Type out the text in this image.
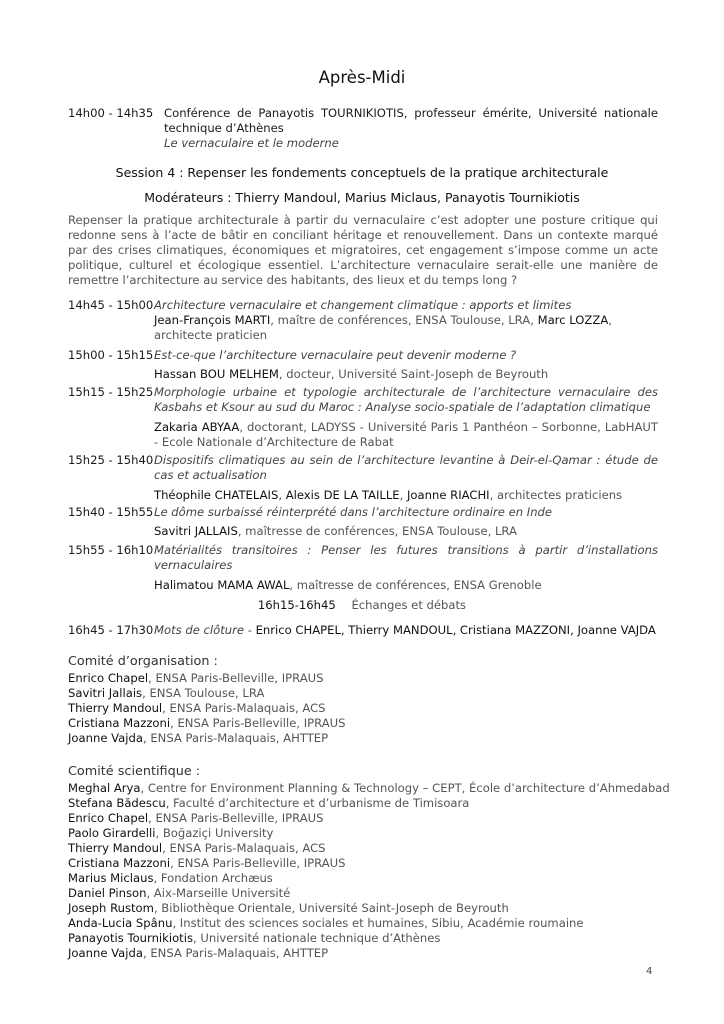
Après-Midi
14h00 - 14h35 Conférence de Panayotis TOURNIKIOTIS, professeur émérite, Université nationale technique d’Athènes
Le vernaculaire et le moderne
Session 4 : Repenser les fondements conceptuels de la pratique architecturale
Modérateurs : Thierry Mandoul, Marius Miclaus, Panayotis Tournikiotis
Repenser la pratique architecturale à partir du vernaculaire c’est adopter une posture critique qui redonne sens à l’acte de bâtir en conciliant héritage et renouvellement. Dans un contexte marqué par des crises climatiques, économiques et migratoires, cet engagement s’impose comme un acte politique, culturel et écologique essentiel. L’architecture vernaculaire serait-elle une manière de remettre l’architecture au service des habitants, des lieux et du temps long ?
14h45 - 15h00 Architecture vernaculaire et changement climatique : apports et limites
Jean-François MARTI, maître de conférences, ENSA Toulouse, LRA, Marc LOZZA, architecte praticien
15h00 - 15h15 Est-ce-que l’architecture vernaculaire peut devenir moderne ?
Hassan BOU MELHEM, docteur, Université Saint-Joseph de Beyrouth
15h15 - 15h25 Morphologie urbaine et typologie architecturale de l’architecture vernaculaire des Kasbahs et Ksour au sud du Maroc : Analyse socio-spatiale de l’adaptation climatique
Zakaria ABYAA, doctorant, LADYSS - Université Paris 1 Panthéon – Sorbonne, LabHAUT - Ecole Nationale d’Architecture de Rabat
15h25 - 15h40 Dispositifs climatiques au sein de l’architecture levantine à Deir-el-Qamar : étude de cas et actualisation
Théophile CHATELAIS, Alexis DE LA TAILLE, Joanne RIACHI, architectes praticiens
15h40 - 15h55 Le dôme surbaissé réinterprété dans l’architecture ordinaire en Inde
Savitri JALLAIS, maîtresse de conférences, ENSA Toulouse, LRA
15h55 - 16h10 Matérialités transitoires : Penser les futures transitions à partir d’installations vernaculaires
Halimatou MAMA AWAL, maîtresse de conférences, ENSA Grenoble
16h15-16h45 Échanges et débats
16h45 - 17h30 Mots de clôture - Enrico CHAPEL, Thierry MANDOUL, Cristiana MAZZONI, Joanne VAJDA
Comité d’organisation :
Enrico Chapel, ENSA Paris-Belleville, IPRAUS
Savitri Jallais, ENSA Toulouse, LRA
Thierry Mandoul, ENSA Paris-Malaquais, ACS
Cristiana Mazzoni, ENSA Paris-Belleville, IPRAUS
Joanne Vajda, ENSA Paris-Malaquais, AHTTEP
Comité scientifique :
Meghal Arya, Centre for Environment Planning & Technology – CEPT, École d’architecture d’Ahmedabad
Stefana Bădescu, Faculté d’architecture et d’urbanisme de Timisoara
Enrico Chapel, ENSA Paris-Belleville, IPRAUS
Paolo Girardelli, Boğaziçi University
Thierry Mandoul, ENSA Paris-Malaquais, ACS
Cristiana Mazzoni, ENSA Paris-Belleville, IPRAUS
Marius Miclaus, Fondation Archæus
Daniel Pinson, Aix-Marseille Université
Joseph Rustom, Bibliothèque Orientale, Université Saint-Joseph de Beyrouth
Anda-Lucia Spânu, Institut des sciences sociales et humaines, Sibiu, Académie roumaine
Panayotis Tournikiotis, Université nationale technique d’Athènes
Joanne Vajda, ENSA Paris-Malaquais, AHTTEP
4
